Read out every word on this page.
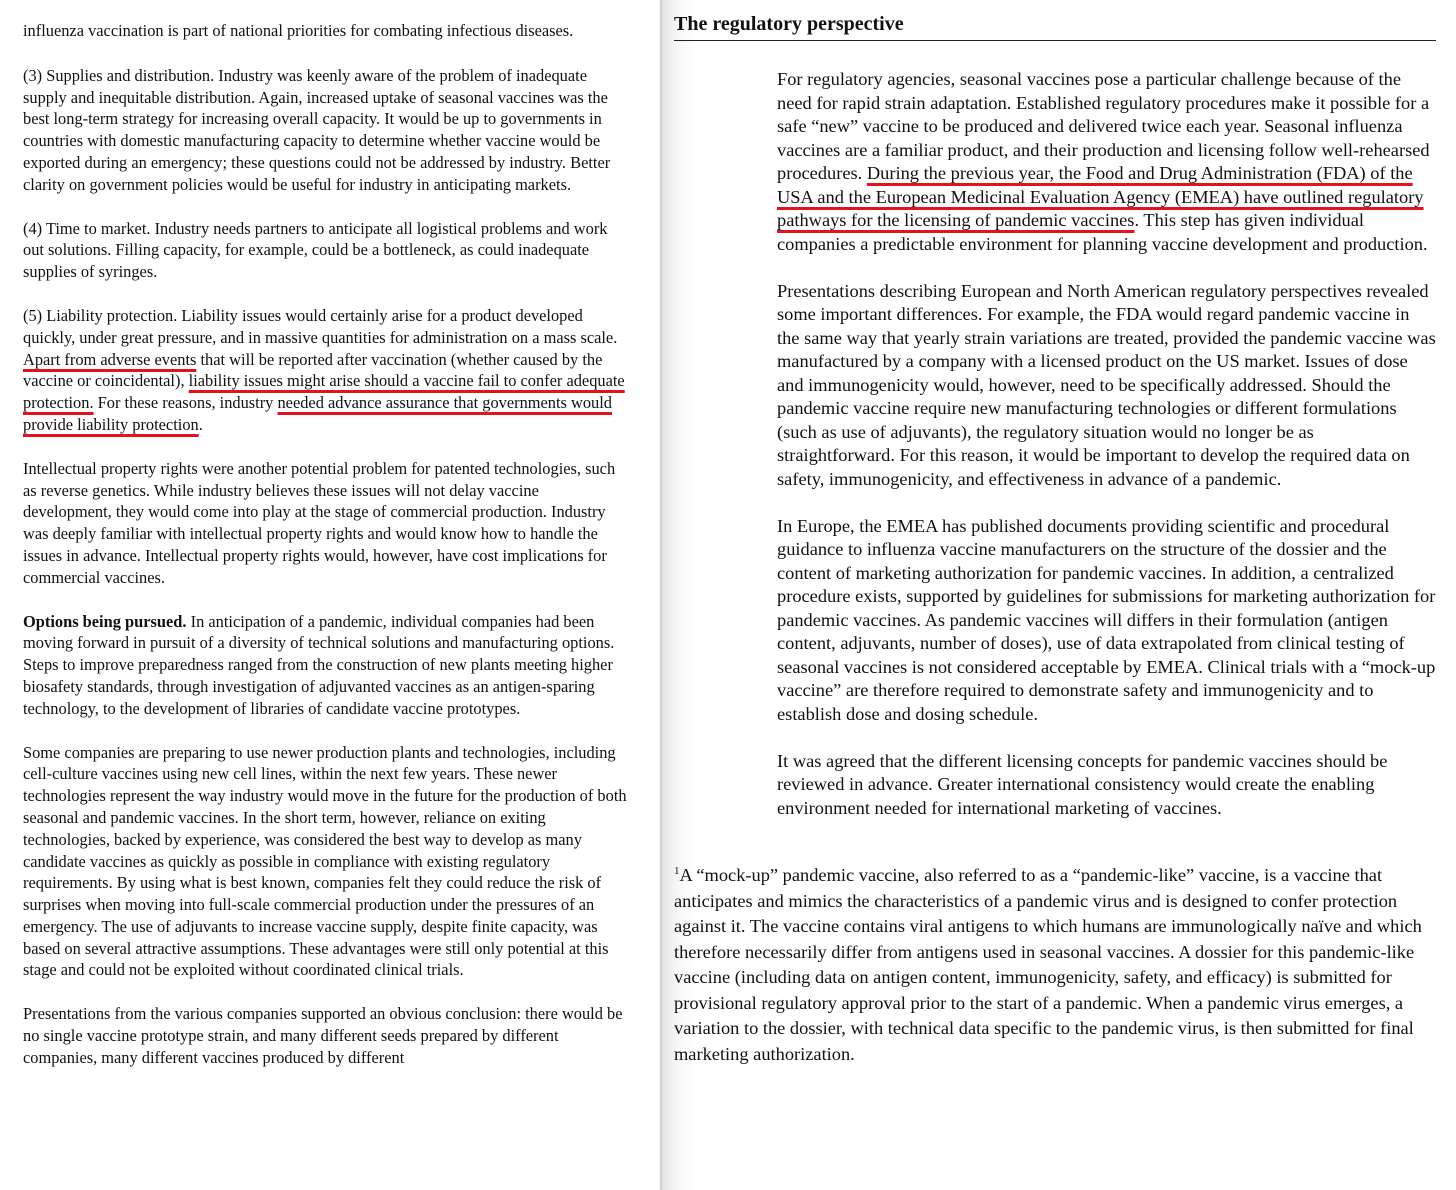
influenza vaccination is part of national priorities for combating infectious diseases.

(3) Supplies and distribution. Industry was keenly aware of the problem of inadequate supply and inequitable distribution. Again, increased uptake of seasonal vaccines was the best long-term strategy for increasing overall capacity. It would be up to governments in countries with domestic manufacturing capacity to determine whether vaccine would be exported during an emergency; these questions could not be addressed by industry. Better clarity on government policies would be useful for industry in anticipating markets.

(4) Time to market. Industry needs partners to anticipate all logistical problems and work out solutions. Filling capacity, for example, could be a bottleneck, as could inadequate supplies of syringes.

(5) Liability protection. Liability issues would certainly arise for a product developed quickly, under great pressure, and in massive quantities for administration on a mass scale. Apart from adverse events that will be reported after vaccination (whether caused by the vaccine or coincidental), liability issues might arise should a vaccine fail to confer adequate protection. For these reasons, industry needed advance assurance that governments would provide liability protection.

Intellectual property rights were another potential problem for patented technologies, such as reverse genetics. While industry believes these issues will not delay vaccine development, they would come into play at the stage of commercial production. Industry was deeply familiar with intellectual property rights and would know how to handle the issues in advance. Intellectual property rights would, however, have cost implications for commercial vaccines.

Options being pursued. In anticipation of a pandemic, individual companies had been moving forward in pursuit of a diversity of technical solutions and manufacturing options. Steps to improve preparedness ranged from the construction of new plants meeting higher biosafety standards, through investigation of adjuvanted vaccines as an antigen-sparing technology, to the development of libraries of candidate vaccine prototypes.

Some companies are preparing to use newer production plants and technologies, including cell-culture vaccines using new cell lines, within the next few years. These newer technologies represent the way industry would move in the future for the production of both seasonal and pandemic vaccines. In the short term, however, reliance on exiting technologies, backed by experience, was considered the best way to develop as many candidate vaccines as quickly as possible in compliance with existing regulatory requirements. By using what is best known, companies felt they could reduce the risk of surprises when moving into full-scale commercial production under the pressures of an emergency. The use of adjuvants to increase vaccine supply, despite finite capacity, was based on several attractive assumptions. These advantages were still only potential at this stage and could not be exploited without coordinated clinical trials.

Presentations from the various companies supported an obvious conclusion: there would be no single vaccine prototype strain, and many different seeds prepared by different companies, many different vaccines produced by different

The regulatory perspective

For regulatory agencies, seasonal vaccines pose a particular challenge because of the need for rapid strain adaptation. Established regulatory procedures make it possible for a safe “new” vaccine to be produced and delivered twice each year. Seasonal influenza vaccines are a familiar product, and their production and licensing follow well-rehearsed procedures. During the previous year, the Food and Drug Administration (FDA) of the USA and the European Medicinal Evaluation Agency (EMEA) have outlined regulatory pathways for the licensing of pandemic vaccines. This step has given individual companies a predictable environment for planning vaccine development and production.

Presentations describing European and North American regulatory perspectives revealed some important differences. For example, the FDA would regard pandemic vaccine in the same way that yearly strain variations are treated, provided the pandemic vaccine was manufactured by a company with a licensed product on the US market. Issues of dose and immunogenicity would, however, need to be specifically addressed. Should the pandemic vaccine require new manufacturing technologies or different formulations (such as use of adjuvants), the regulatory situation would no longer be as straightforward. For this reason, it would be important to develop the required data on safety, immunogenicity, and effectiveness in advance of a pandemic.

In Europe, the EMEA has published documents providing scientific and procedural guidance to influenza vaccine manufacturers on the structure of the dossier and the content of marketing authorization for pandemic vaccines. In addition, a centralized procedure exists, supported by guidelines for submissions for marketing authorization for pandemic vaccines. As pandemic vaccines will differs in their formulation (antigen content, adjuvants, number of doses), use of data extrapolated from clinical testing of seasonal vaccines is not considered acceptable by EMEA. Clinical trials with a “mock-up vaccine” are therefore required to demonstrate safety and immunogenicity and to establish dose and dosing schedule.

It was agreed that the different licensing concepts for pandemic vaccines should be reviewed in advance. Greater international consistency would create the enabling environment needed for international marketing of vaccines.

$^1$A “mock-up” pandemic vaccine, also referred to as a “pandemic-like” vaccine, is a vaccine that anticipates and mimics the characteristics of a pandemic virus and is designed to confer protection against it. The vaccine contains viral antigens to which humans are immunologically naïve and which therefore necessarily differ from antigens used in seasonal vaccines. A dossier for this pandemic-like vaccine (including data on antigen content, immunogenicity, safety, and efficacy) is submitted for provisional regulatory approval prior to the start of a pandemic. When a pandemic virus emerges, a variation to the dossier, with technical data specific to the pandemic virus, is then submitted for final marketing authorization.
